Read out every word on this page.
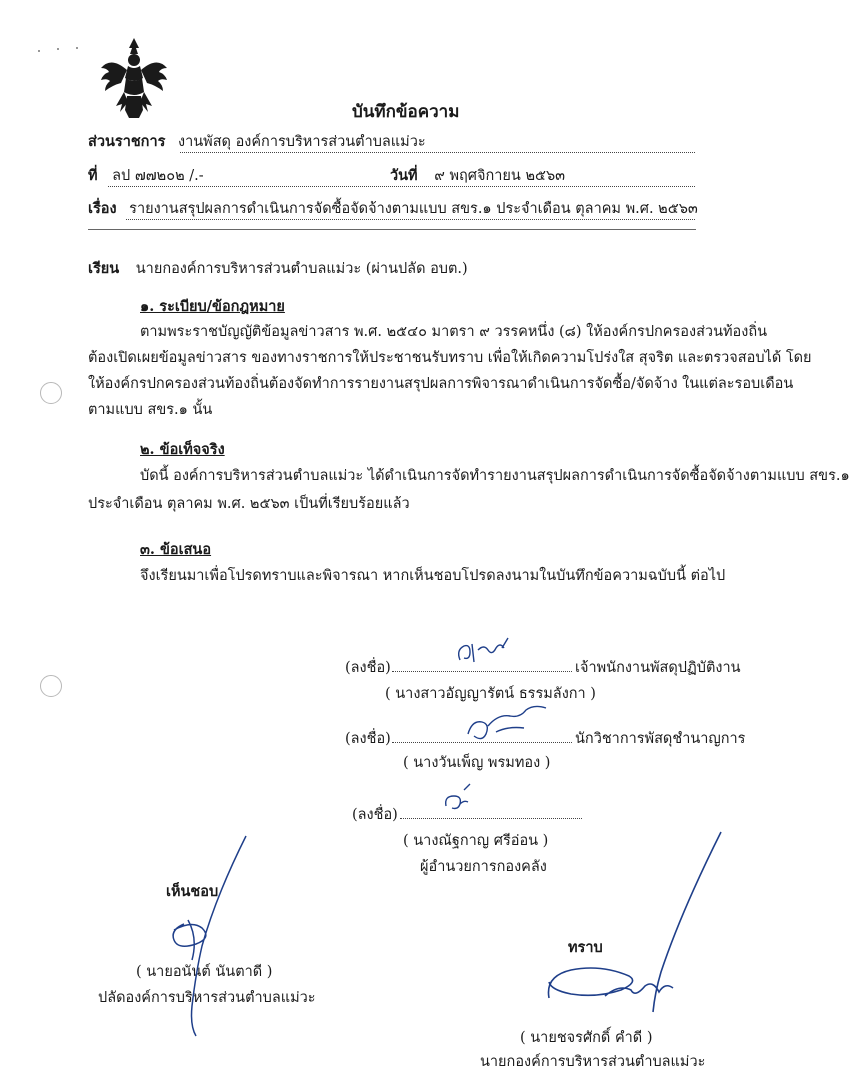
บันทึกข้อความ
ส่วนราชการ งานพัสดุ องค์การบริหารส่วนตำบลแม่วะ
ที่ ลป ๗๗๒๐๒ /.-	วันที่ ๙ พฤศจิกายน ๒๕๖๓
เรื่อง รายงานสรุปผลการดำเนินการจัดซื้อจัดจ้างตามแบบ สขร.๑ ประจำเดือน ตุลาคม พ.ศ. ๒๕๖๓
เรียน นายกองค์การบริหารส่วนตำบลแม่วะ (ผ่านปลัด อบต.)
๑. ระเบียบ/ข้อกฎหมาย
ตามพระราชบัญญัติข้อมูลข่าวสาร พ.ศ. ๒๕๔๐ มาตรา ๙ วรรคหนึ่ง (๘) ให้องค์กรปกครองส่วนท้องถิ่น
ต้องเปิดเผยข้อมูลข่าวสาร ของทางราชการให้ประชาชนรับทราบ เพื่อให้เกิดความโปร่งใส สุจริต และตรวจสอบได้ โดย
ให้องค์กรปกครองส่วนท้องถิ่นต้องจัดทำการรายงานสรุปผลการพิจารณาดำเนินการจัดซื้อ/จัดจ้าง ในแต่ละรอบเดือน
ตามแบบ สขร.๑ นั้น
๒. ข้อเท็จจริง
บัดนี้ องค์การบริหารส่วนตำบลแม่วะ ได้ดำเนินการจัดทำรายงานสรุปผลการดำเนินการจัดซื้อจัดจ้างตามแบบ สขร.๑
ประจำเดือน ตุลาคม พ.ศ. ๒๕๖๓ เป็นที่เรียบร้อยแล้ว
๓. ข้อเสนอ
จึงเรียนมาเพื่อโปรดทราบและพิจารณา หากเห็นชอบโปรดลงนามในบันทึกข้อความฉบับนี้ ต่อไป
(ลงชื่อ)	เจ้าพนักงานพัสดุปฏิบัติงาน
( นางสาวอัญญารัตน์ ธรรมลังกา )
(ลงชื่อ)	นักวิชาการพัสดุชำนาญการ
( นางวันเพ็ญ พรมทอง )
(ลงชื่อ)
( นางณัฐกาญ ศรีอ่อน )
ผู้อำนวยการกองคลัง
เห็นชอบ
( นายอนันต์ นันตาดี )
ปลัดองค์การบริหารส่วนตำบลแม่วะ
ทราบ
( นายชจรศักดิ์ คำดี )
นายกองค์การบริหารส่วนตำบลแม่วะ
